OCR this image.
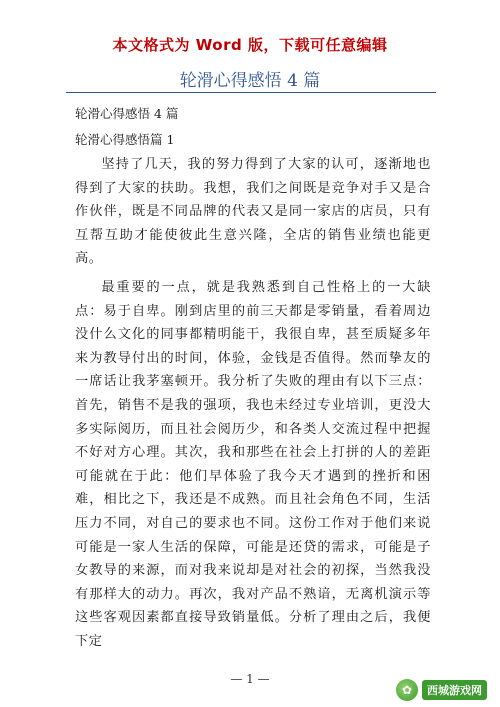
本文格式为 Word 版，下载可任意编辑
轮滑心得感悟 4 篇
轮滑心得感悟 4 篇
轮滑心得感悟篇 1

坚持了几天，我的努力得到了大家的认可，逐渐地也得到了大家的扶助。我想，我们之间既是竞争对手又是合作伙伴，既是不同品牌的代表又是同一家店的店员，只有互帮互助才能使彼此生意兴隆，全店的销售业绩也能更高。

最重要的一点，就是我熟悉到自己性格上的一大缺点：易于自卑。刚到店里的前三天都是零销量，看着周边没什么文化的同事都精明能干，我很自卑，甚至质疑多年来为教导付出的时间，体验，金钱是否值得。然而挚友的一席话让我茅塞顿开。我分析了失败的理由有以下三点：首先，销售不是我的强项，我也未经过专业培训，更没大多实际阅历，而且社会阅历少，和各类人交流过程中把握不好对方心理。其次，我和那些在社会上打拼的人的差距可能就在于此：他们早体验了我今天才遇到的挫折和困难，相比之下，我还是不成熟。而且社会角色不同，生活压力不同，对自己的要求也不同。这份工作对于他们来说可能是一家人生活的保障，可能是还贷的需求，可能是子女教导的来源，而对我来说却是对社会的初探，当然我没有那样大的动力。再次，我对产品不熟谙，无离机演示等这些客观因素都直接导致销量低。分析了理由之后，我便下定

— 1 —
✿	西城游戏网
